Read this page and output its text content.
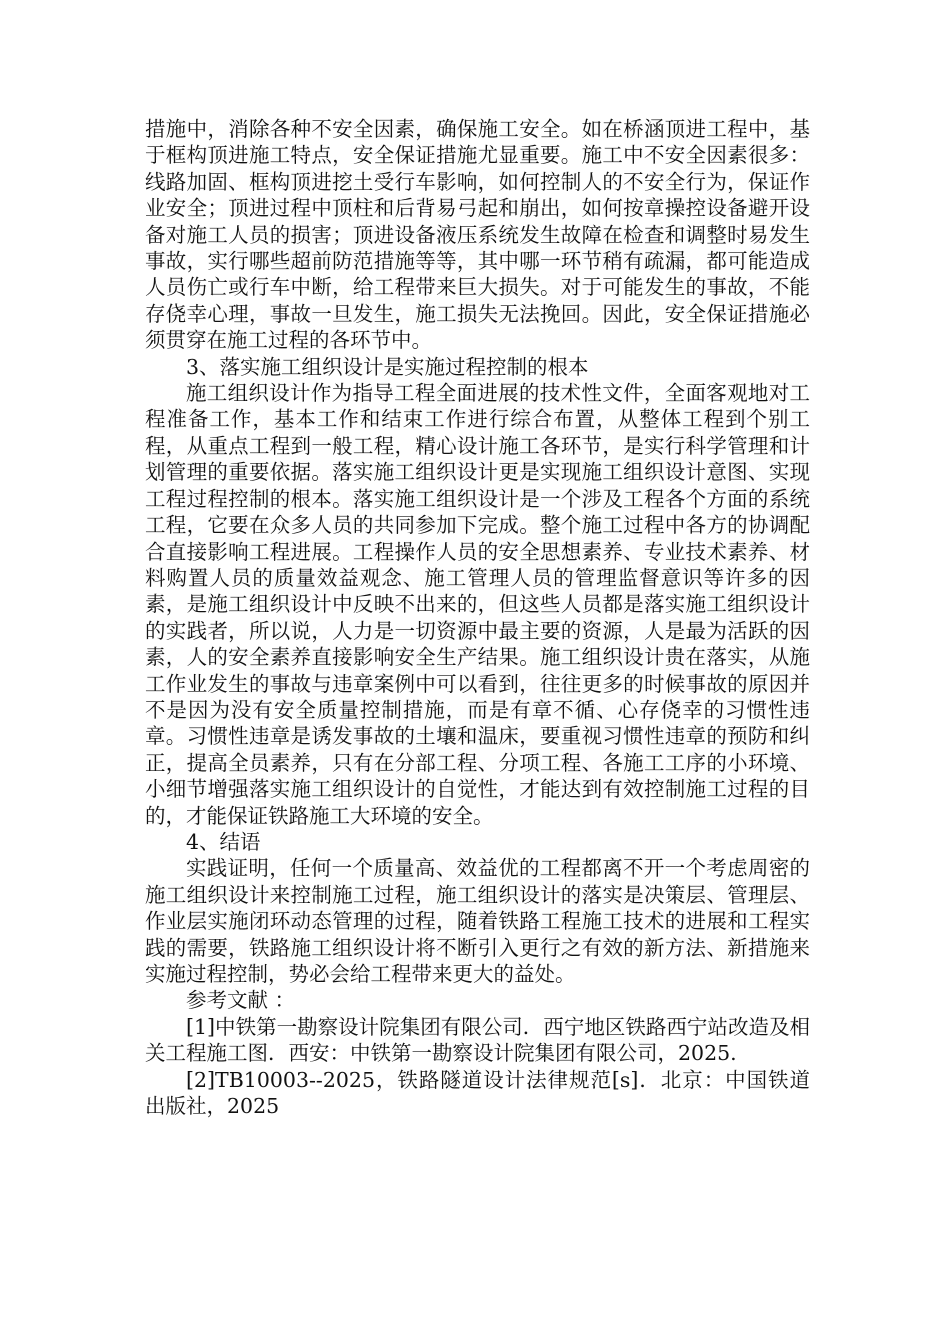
措施中，消除各种不安全因素，确保施工安全。如在桥涵顶进工程中，基于框构顶进施工特点，安全保证措施尤显重要。施工中不安全因素很多：线路加固、框构顶进挖土受行车影响，如何控制人的不安全行为，保证作业安全；顶进过程中顶柱和后背易弓起和崩出，如何按章操控设备避开设备对施工人员的损害；顶进设备液压系统发生故障在检查和调整时易发生事故，实行哪些超前防范措施等等，其中哪一环节稍有疏漏，都可能造成人员伤亡或行车中断，给工程带来巨大损失。对于可能发生的事故，不能存侥幸心理，事故一旦发生，施工损失无法挽回。因此，安全保证措施必须贯穿在施工过程的各环节中。

3、落实施工组织设计是实施过程控制的根本

施工组织设计作为指导工程全面进展的技术性文件，全面客观地对工程准备工作，基本工作和结束工作进行综合布置，从整体工程到个别工程，从重点工程到一般工程，精心设计施工各环节，是实行科学管理和计划管理的重要依据。落实施工组织设计更是实现施工组织设计意图、实现工程过程控制的根本。落实施工组织设计是一个涉及工程各个方面的系统工程，它要在众多人员的共同参加下完成。整个施工过程中各方的协调配合直接影响工程进展。工程操作人员的安全思想素养、专业技术素养、材料购置人员的质量效益观念、施工管理人员的管理监督意识等许多的因素，是施工组织设计中反映不出来的，但这些人员都是落实施工组织设计的实践者，所以说，人力是一切资源中最主要的资源，人是最为活跃的因素，人的安全素养直接影响安全生产结果。施工组织设计贵在落实，从施工作业发生的事故与违章案例中可以看到，往往更多的时候事故的原因并不是因为没有安全质量控制措施，而是有章不循、心存侥幸的习惯性违章。习惯性违章是诱发事故的土壤和温床，要重视习惯性违章的预防和纠正，提高全员素养，只有在分部工程、分项工程、各施工工序的小环境、小细节增强落实施工组织设计的自觉性，才能达到有效控制施工过程的目的，才能保证铁路施工大环境的安全。

4、结语

实践证明，任何一个质量高、效益优的工程都离不开一个考虑周密的施工组织设计来控制施工过程，施工组织设计的落实是决策层、管理层、作业层实施闭环动态管理的过程，随着铁路工程施工技术的进展和工程实践的需要，铁路施工组织设计将不断引入更行之有效的新方法、新措施来实施过程控制，势必会给工程带来更大的益处。

参考文献 ：

[1]中铁第一勘察设计院集团有限公司．西宁地区铁路西宁站改造及相关工程施工图．西安：中铁第一勘察设计院集团有限公司，2025.

[2]TB10003--2025，铁路隧道设计法律规范[s]．北京：中国铁道出版社，2025
